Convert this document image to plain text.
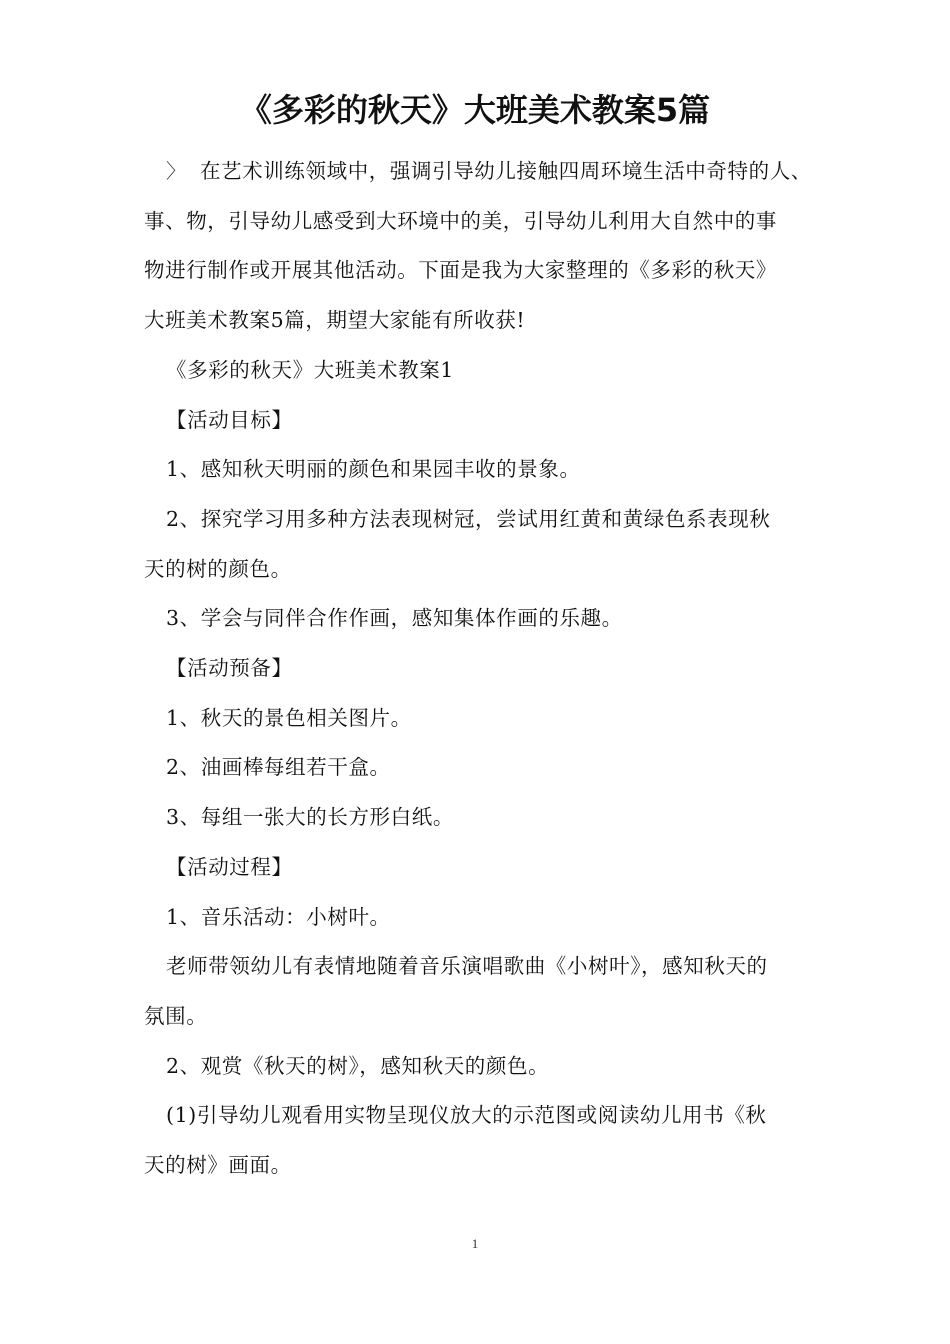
《多彩的秋天》大班美术教案5篇

〉 在艺术训练领域中，强调引导幼儿接触四周环境生活中奇特的人、

事、物，引导幼儿感受到大环境中的美，引导幼儿利用大自然中的事

物进行制作或开展其他活动。下面是我为大家整理的《多彩的秋天》

大班美术教案5篇，期望大家能有所收获!

《多彩的秋天》大班美术教案1

【活动目标】

1、感知秋天明丽的颜色和果园丰收的景象。

2、探究学习用多种方法表现树冠，尝试用红黄和黄绿色系表现秋

天的树的颜色。

3、学会与同伴合作作画，感知集体作画的乐趣。

【活动预备】

1、秋天的景色相关图片。

2、油画棒每组若干盒。

3、每组一张大的长方形白纸。

【活动过程】

1、音乐活动：小树叶。

老师带领幼儿有表情地随着音乐演唱歌曲《小树叶》，感知秋天的

氛围。

2、观赏《秋天的树》，感知秋天的颜色。

(1)引导幼儿观看用实物呈现仪放大的示范图或阅读幼儿用书《秋

天的树》画面。

1
